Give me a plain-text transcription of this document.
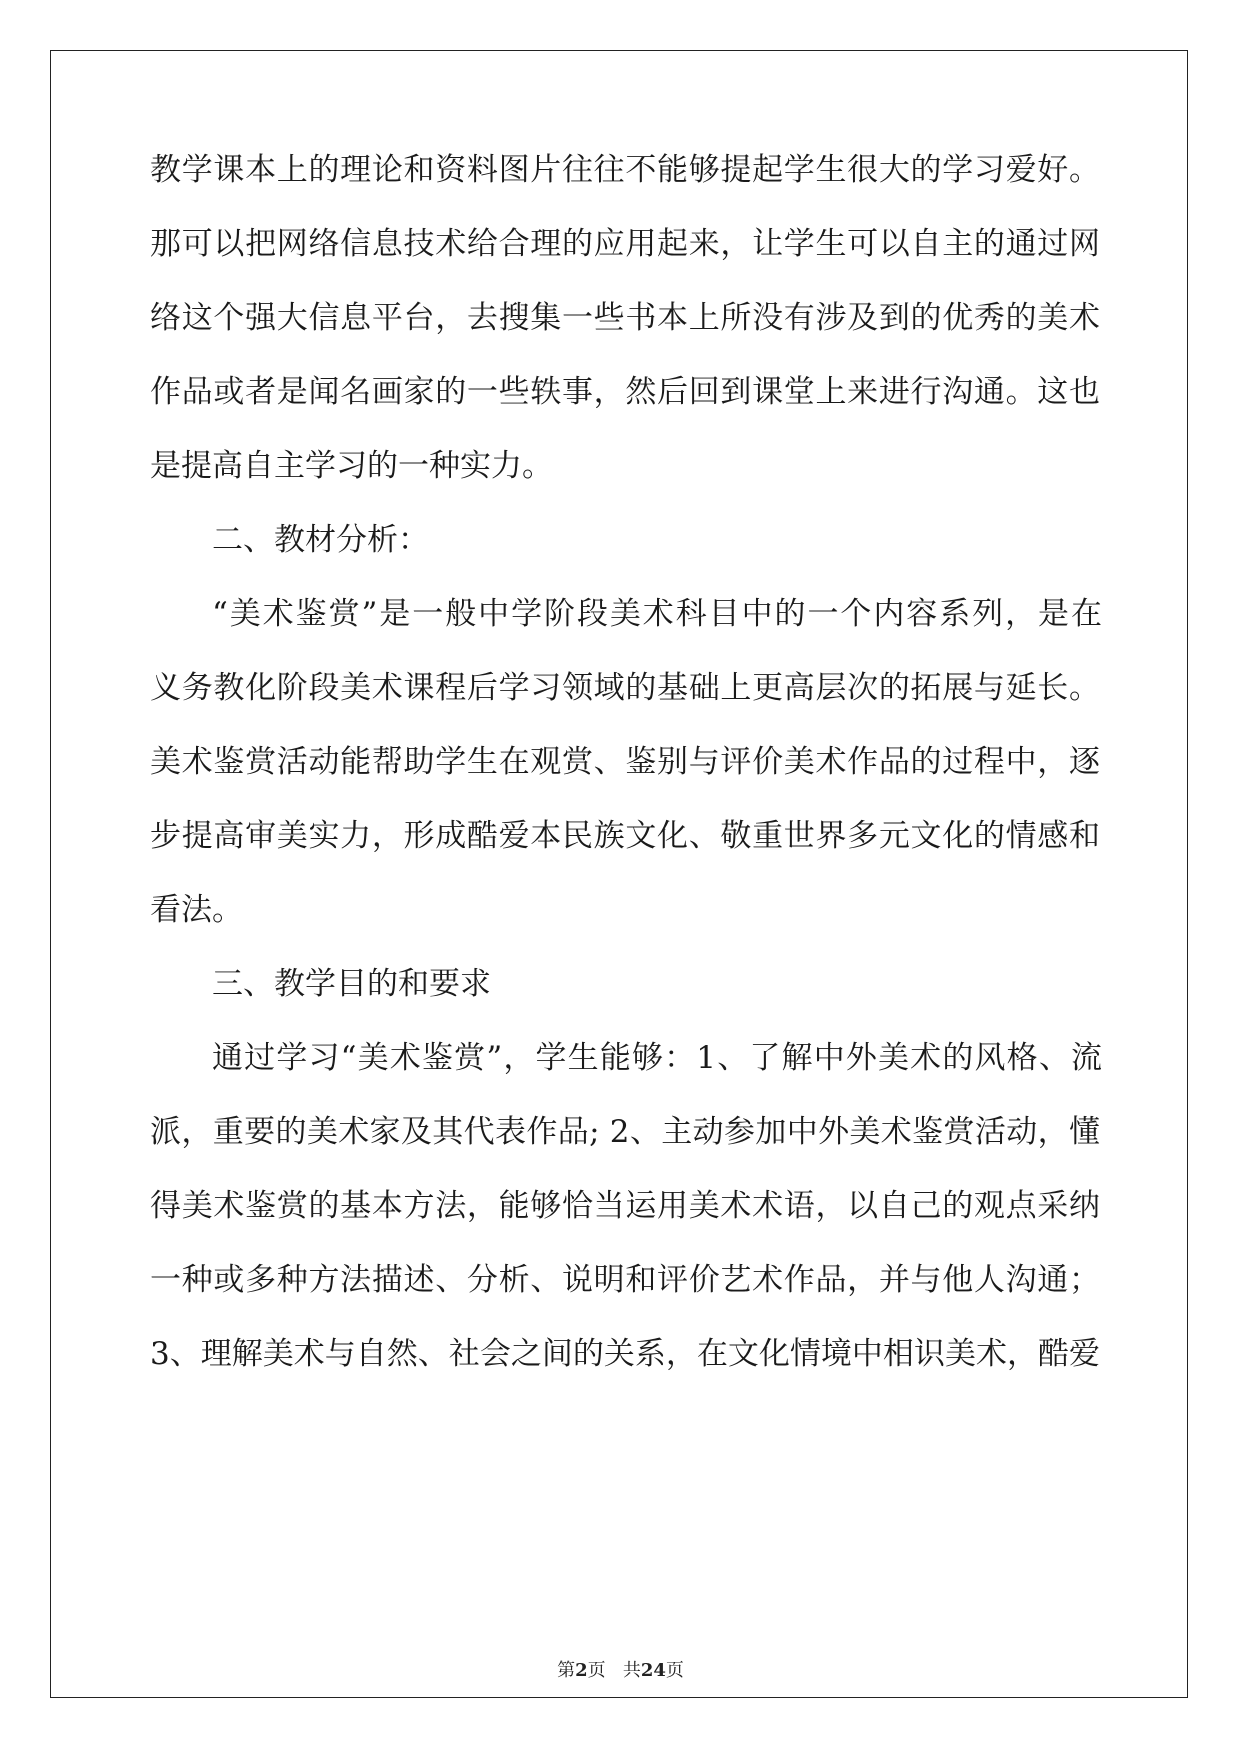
教学课本上的理论和资料图片往往不能够提起学生很大的学习爱好。
那可以把网络信息技术给合理的应用起来，让学生可以自主的通过网
络这个强大信息平台，去搜集一些书本上所没有涉及到的优秀的美术
作品或者是闻名画家的一些轶事，然后回到课堂上来进行沟通。这也
是提高自主学习的一种实力。
二、教材分析：
“美术鉴赏”是一般中学阶段美术科目中的一个内容系列，是在
义务教化阶段美术课程后学习领域的基础上更高层次的拓展与延长。
美术鉴赏活动能帮助学生在观赏、鉴别与评价美术作品的过程中，逐
步提高审美实力，形成酷爱本民族文化、敬重世界多元文化的情感和
看法。
三、教学目的和要求
通过学习“美术鉴赏”，学生能够：1、了解中外美术的风格、流
派，重要的美术家及其代表作品; 2、主动参加中外美术鉴赏活动，懂
得美术鉴赏的基本方法，能够恰当运用美术术语，以自己的观点采纳
一种或多种方法描述、分析、说明和评价艺术作品，并与他人沟通；
3、理解美术与自然、社会之间的关系，在文化情境中相识美术，酷爱
第2页 共24页
